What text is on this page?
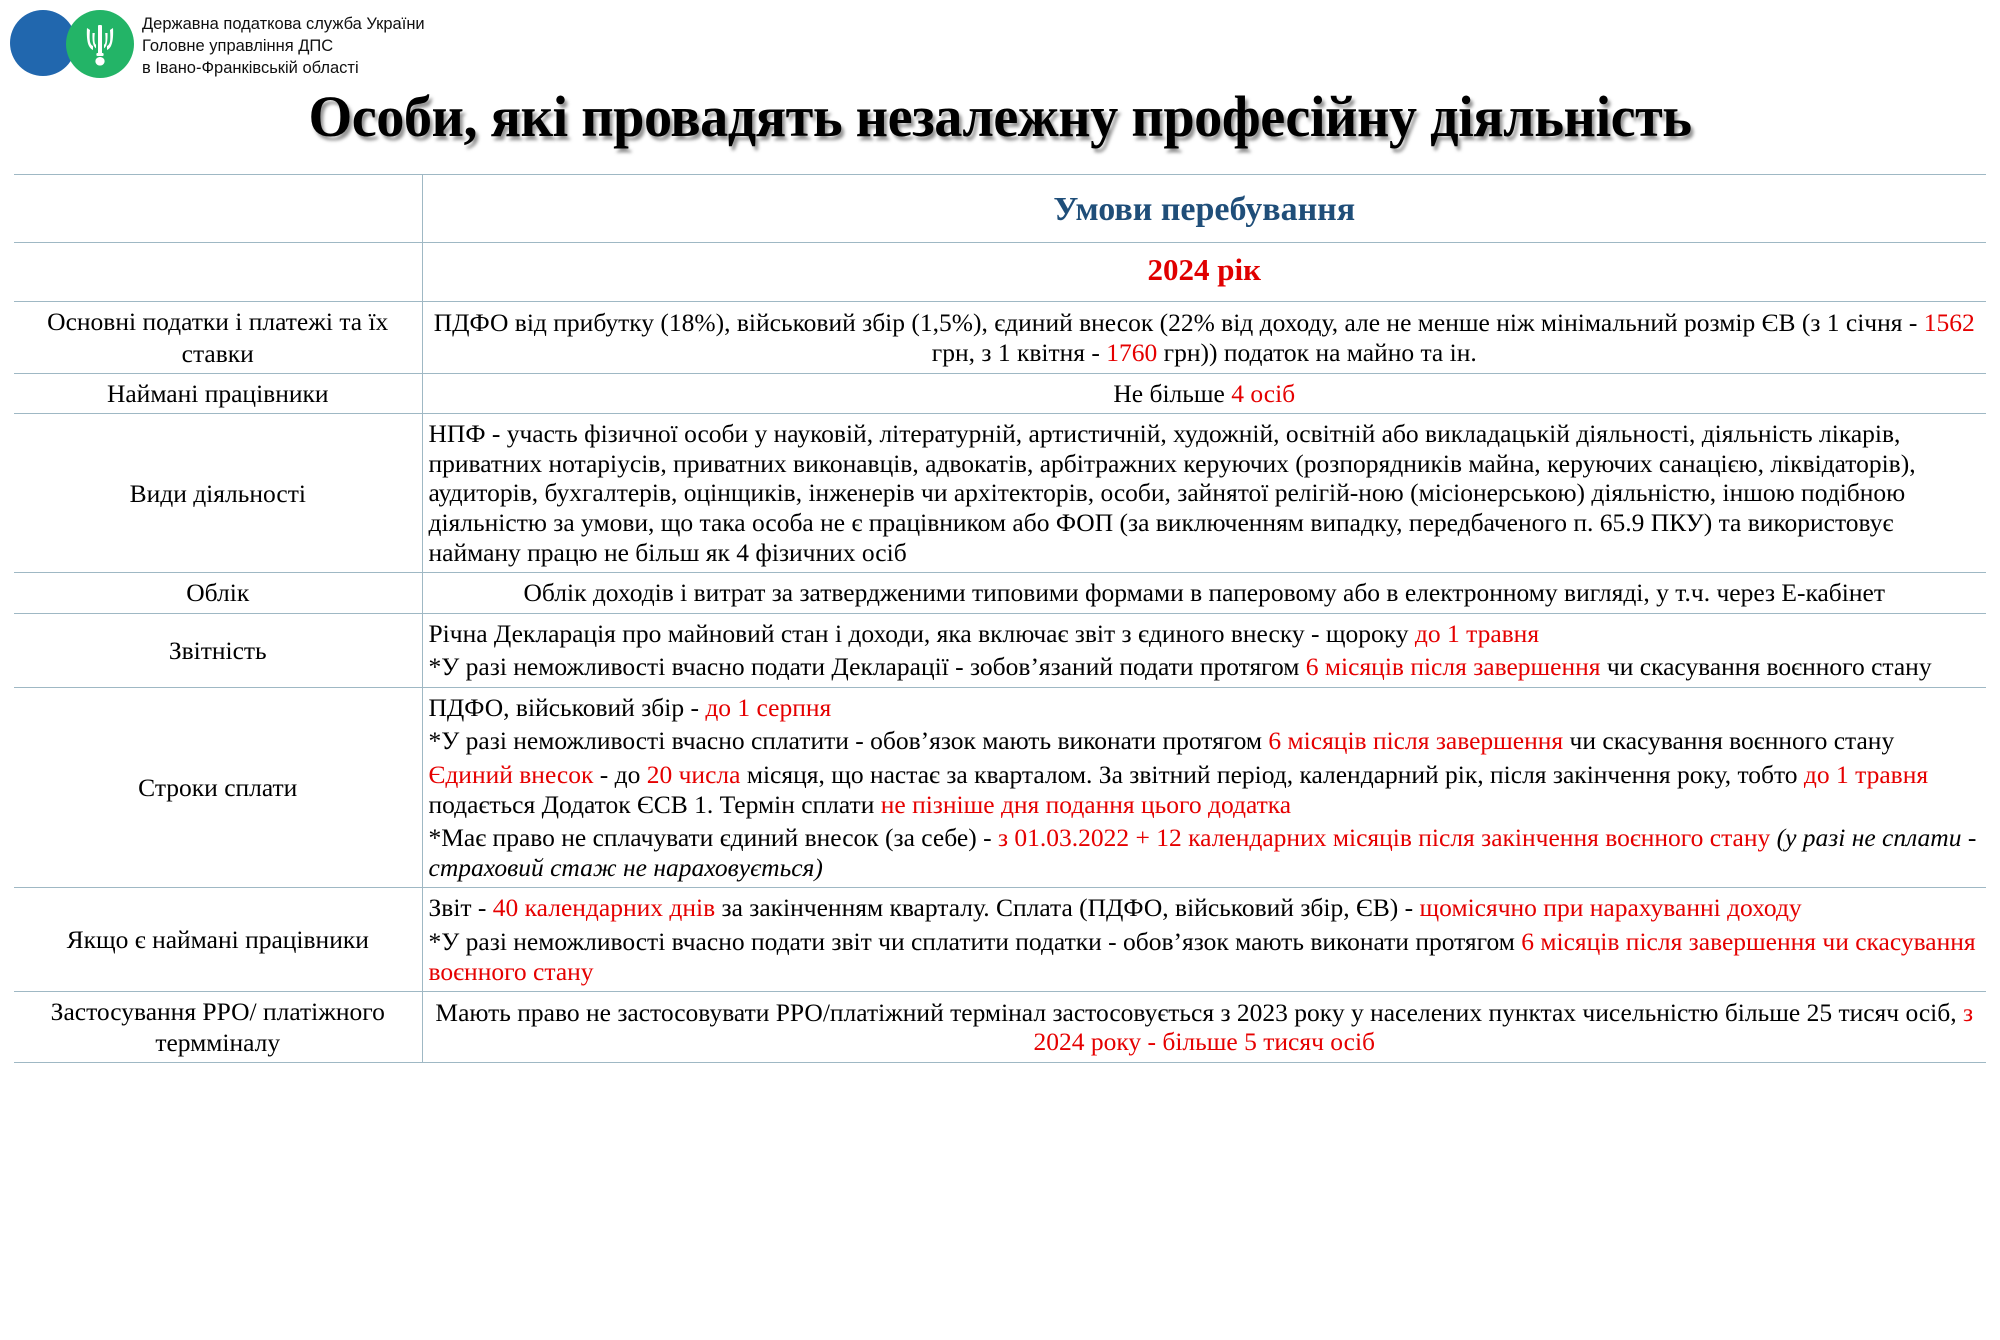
Державна податкова служба України
Головне управління ДПС
в Івано-Франківській області
Особи, які провадять незалежну професійну діяльність

	Умови перебування

	2024 рік

Основні податки і платежі та їх ставки	ПДФО від прибутку (18%), військовий збір (1,5%), єдиний внесок (22% від доходу, але не менше ніж мінімальний розмір ЄВ (з 1 січня - 1562 грн, з 1 квітня - 1760 грн)) податок на майно та ін.

Наймані працівники	Не більше 4 осіб

Види діяльності	НПФ - участь фізичної особи у науковій, літературній, артистичній, художній, освітній або викладацькій діяльності, діяльність лікарів, приватних нотаріусів, приватних виконавців, адвокатів, арбітражних керуючих (розпорядників майна, керуючих санацією, ліквідаторів), аудиторів, бухгалтерів, оцінщиків, інженерів чи архітекторів, особи, зайнятої релігій-ною (місіонерською) діяльністю, іншою подібною діяльністю за умови, що така особа не є працівником або ФОП (за виключенням випадку, передбаченого п. 65.9 ПКУ) та використовує найману працю не більш як 4 фізичних осіб

Облік	Облік доходів і витрат за затвердженими типовими формами в паперовому або в електронному вигляді, у т.ч. через Е-кабінет

Звітність	Річна Декларація про майновий стан і доходи, яка включає звіт з єдиного внеску - щороку до 1 травня
*У разі неможливості вчасно подати Декларації - зобов’язаний подати протягом 6 місяців після завершення чи скасування воєнного стану

Строки сплати	ПДФО, військовий збір - до 1 серпня
*У разі неможливості вчасно сплатити - обов’язок мають виконати протягом 6 місяців після завершення чи скасування воєнного стану
Єдиний внесок - до 20 числа місяця, що настає за кварталом. За звітний період, календарний рік, після закінчення року, тобто до 1 травня подається Додаток ЄСВ 1. Термін сплати не пізніше дня подання цього додатка
*Має право не сплачувати єдиний внесок (за себе) - з 01.03.2022 + 12 календарних місяців після закінчення воєнного стану (у разі не сплати - страховий стаж не нараховується)

Якщо є наймані працівники	Звіт - 40 календарних днів за закінченням кварталу. Сплата (ПДФО, військовий збір, ЄВ) - щомісячно при нарахуванні доходу
*У разі неможливості вчасно подати звіт чи сплатити податки - обов’язок мають виконати протягом 6 місяців після завершення чи скасування воєнного стану

Застосування РРО/ платіжного термміналу	Мають право не застосовувати РРО/платіжний термінал застосовується з 2023 року у населених пунктах чисельністю більше 25 тисяч осіб, з 2024 року - більше 5 тисяч осіб
